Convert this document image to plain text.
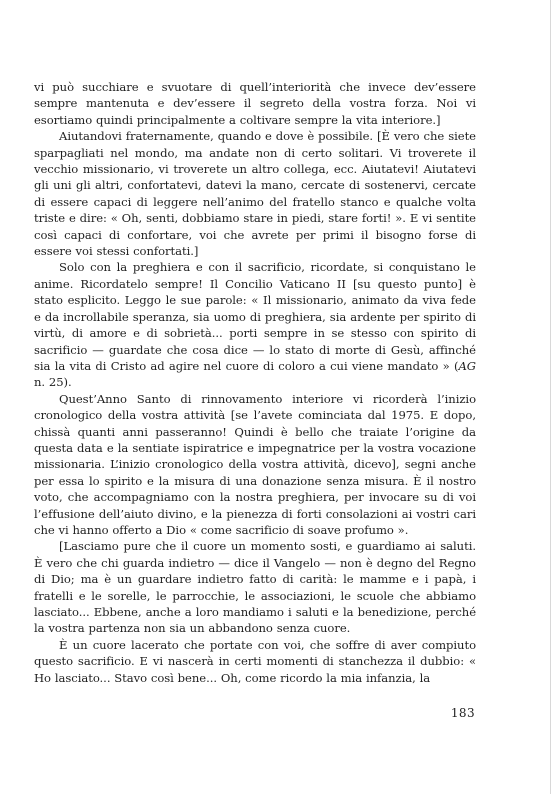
vi può succhiare e svuotare di quell’interiorità che invece dev’essere sempre mantenuta e dev’essere il segreto della vostra forza. Noi vi esortiamo quindi principalmente a coltivare sempre la vita interiore.]

Aiutandovi fraternamente, quando e dove è possibile. [È vero che siete sparpagliati nel mondo, ma andate non di certo solitari. Vi troverete il vecchio missionario, vi troverete un altro collega, ecc. Aiutatevi! Aiutatevi gli uni gli altri, confortatevi, datevi la mano, cercate di sostenervi, cercate di essere capaci di leggere nell’animo del fratello stanco e qualche volta triste e dire: « Oh, senti, dobbiamo stare in piedi, stare forti! ». E vi sentite così capaci di confortare, voi che avrete per primi il bisogno forse di essere voi stessi confortati.]

Solo con la preghiera e con il sacrificio, ricordate, si conquistano le anime. Ricordatelo sempre! Il Concilio Vaticano II [su questo punto] è stato esplicito. Leggo le sue parole: « Il missionario, animato da viva fede e da incrollabile speranza, sia uomo di preghiera, sia ardente per spirito di virtù, di amore e di sobrietà... porti sempre in se stesso con spirito di sacrificio — guardate che cosa dice — lo stato di morte di Gesù, affinché sia la vita di Cristo ad agire nel cuore di coloro a cui viene mandato » (AG n. 25).

Quest’Anno Santo di rinnovamento interiore vi ricorderà l’inizio cronologico della vostra attività [se l’avete cominciata dal 1975. E dopo, chissà quanti anni passeranno! Quindi è bello che traiate l’origine da questa data e la sentiate ispiratrice e impegnatrice per la vostra vocazione missionaria. L’inizio cronologico della vostra attività, dicevo], segni anche per essa lo spirito e la misura di una donazione senza misura. È il nostro voto, che accompagniamo con la nostra preghiera, per invocare su di voi l’effusione dell’aiuto divino, e la pienezza di forti consolazioni ai vostri cari che vi hanno offerto a Dio « come sacrificio di soave profumo ».

[Lasciamo pure che il cuore un momento sosti, e guardiamo ai saluti. È vero che chi guarda indietro — dice il Vangelo — non è degno del Regno di Dio; ma è un guardare indietro fatto di carità: le mamme e i papà, i fratelli e le sorelle, le parrocchie, le associazioni, le scuole che abbiamo lasciato... Ebbene, anche a loro mandiamo i saluti e la benedizione, perché la vostra partenza non sia un abbandono senza cuore.

È un cuore lacerato che portate con voi, che soffre di aver compiuto questo sacrificio. E vi nascerà in certi momenti di stanchezza il dubbio: « Ho lasciato... Stavo così bene... Oh, come ricordo la mia infanzia, la

183
